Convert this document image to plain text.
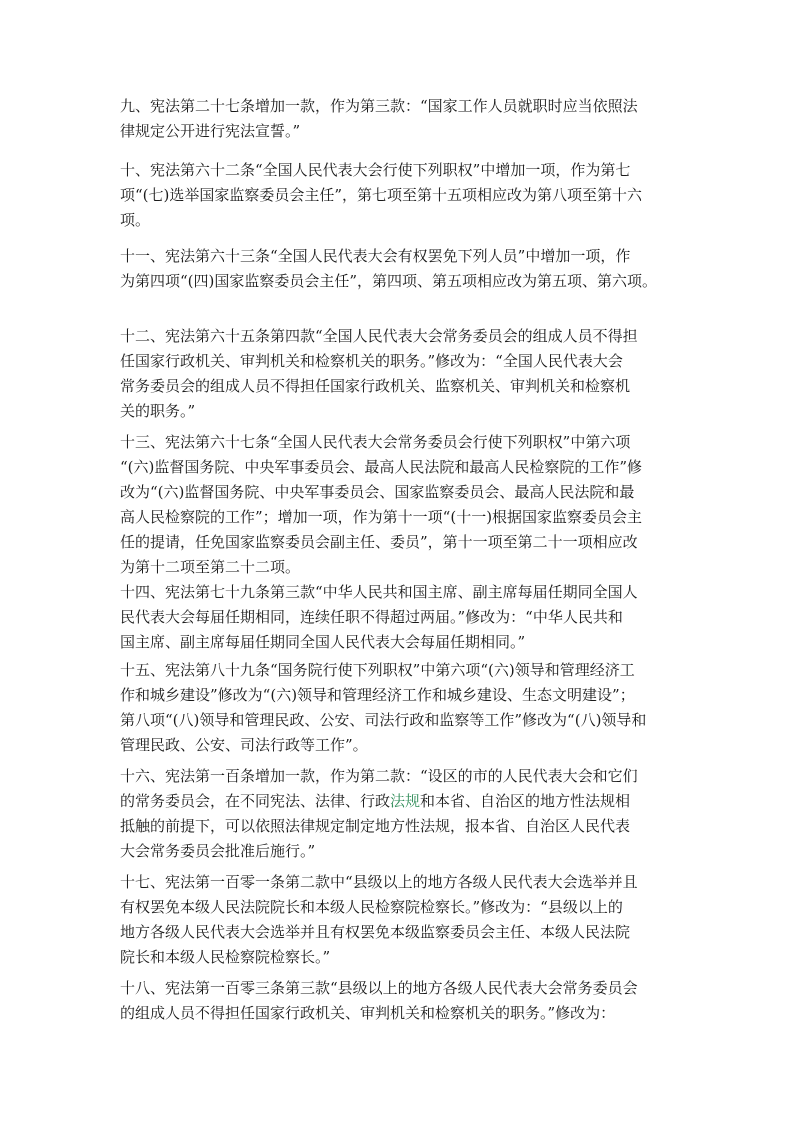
九、宪法第二十七条增加一款，作为第三款：“国家工作人员就职时应当依照法
律规定公开进行宪法宣誓。”
十、宪法第六十二条“全国人民代表大会行使下列职权”中增加一项，作为第七
项“(七)选举国家监察委员会主任”，第七项至第十五项相应改为第八项至第十六
项。
十一、宪法第六十三条“全国人民代表大会有权罢免下列人员”中增加一项，作
为第四项“(四)国家监察委员会主任”，第四项、第五项相应改为第五项、第六项。
十二、宪法第六十五条第四款“全国人民代表大会常务委员会的组成人员不得担
任国家行政机关、审判机关和检察机关的职务。”修改为：“全国人民代表大会
常务委员会的组成人员不得担任国家行政机关、监察机关、审判机关和检察机
关的职务。”
十三、宪法第六十七条“全国人民代表大会常务委员会行使下列职权”中第六项
“(六)监督国务院、中央军事委员会、最高人民法院和最高人民检察院的工作”修
改为“(六)监督国务院、中央军事委员会、国家监察委员会、最高人民法院和最
高人民检察院的工作”；增加一项，作为第十一项“(十一)根据国家监察委员会主
任的提请，任免国家监察委员会副主任、委员”，第十一项至第二十一项相应改
为第十二项至第二十二项。
十四、宪法第七十九条第三款“中华人民共和国主席、副主席每届任期同全国人
民代表大会每届任期相同，连续任职不得超过两届。”修改为：“中华人民共和
国主席、副主席每届任期同全国人民代表大会每届任期相同。”
十五、宪法第八十九条“国务院行使下列职权”中第六项“(六)领导和管理经济工
作和城乡建设”修改为“(六)领导和管理经济工作和城乡建设、生态文明建设”；
第八项“(八)领导和管理民政、公安、司法行政和监察等工作”修改为“(八)领导和
管理民政、公安、司法行政等工作”。
十六、宪法第一百条增加一款，作为第二款：“设区的市的人民代表大会和它们
的常务委员会，在不同宪法、法律、行政法规和本省、自治区的地方性法规相
抵触的前提下，可以依照法律规定制定地方性法规，报本省、自治区人民代表
大会常务委员会批准后施行。”
十七、宪法第一百零一条第二款中“县级以上的地方各级人民代表大会选举并且
有权罢免本级人民法院院长和本级人民检察院检察长。”修改为：“县级以上的
地方各级人民代表大会选举并且有权罢免本级监察委员会主任、本级人民法院
院长和本级人民检察院检察长。”
十八、宪法第一百零三条第三款“县级以上的地方各级人民代表大会常务委员会
的组成人员不得担任国家行政机关、审判机关和检察机关的职务。”修改为：
